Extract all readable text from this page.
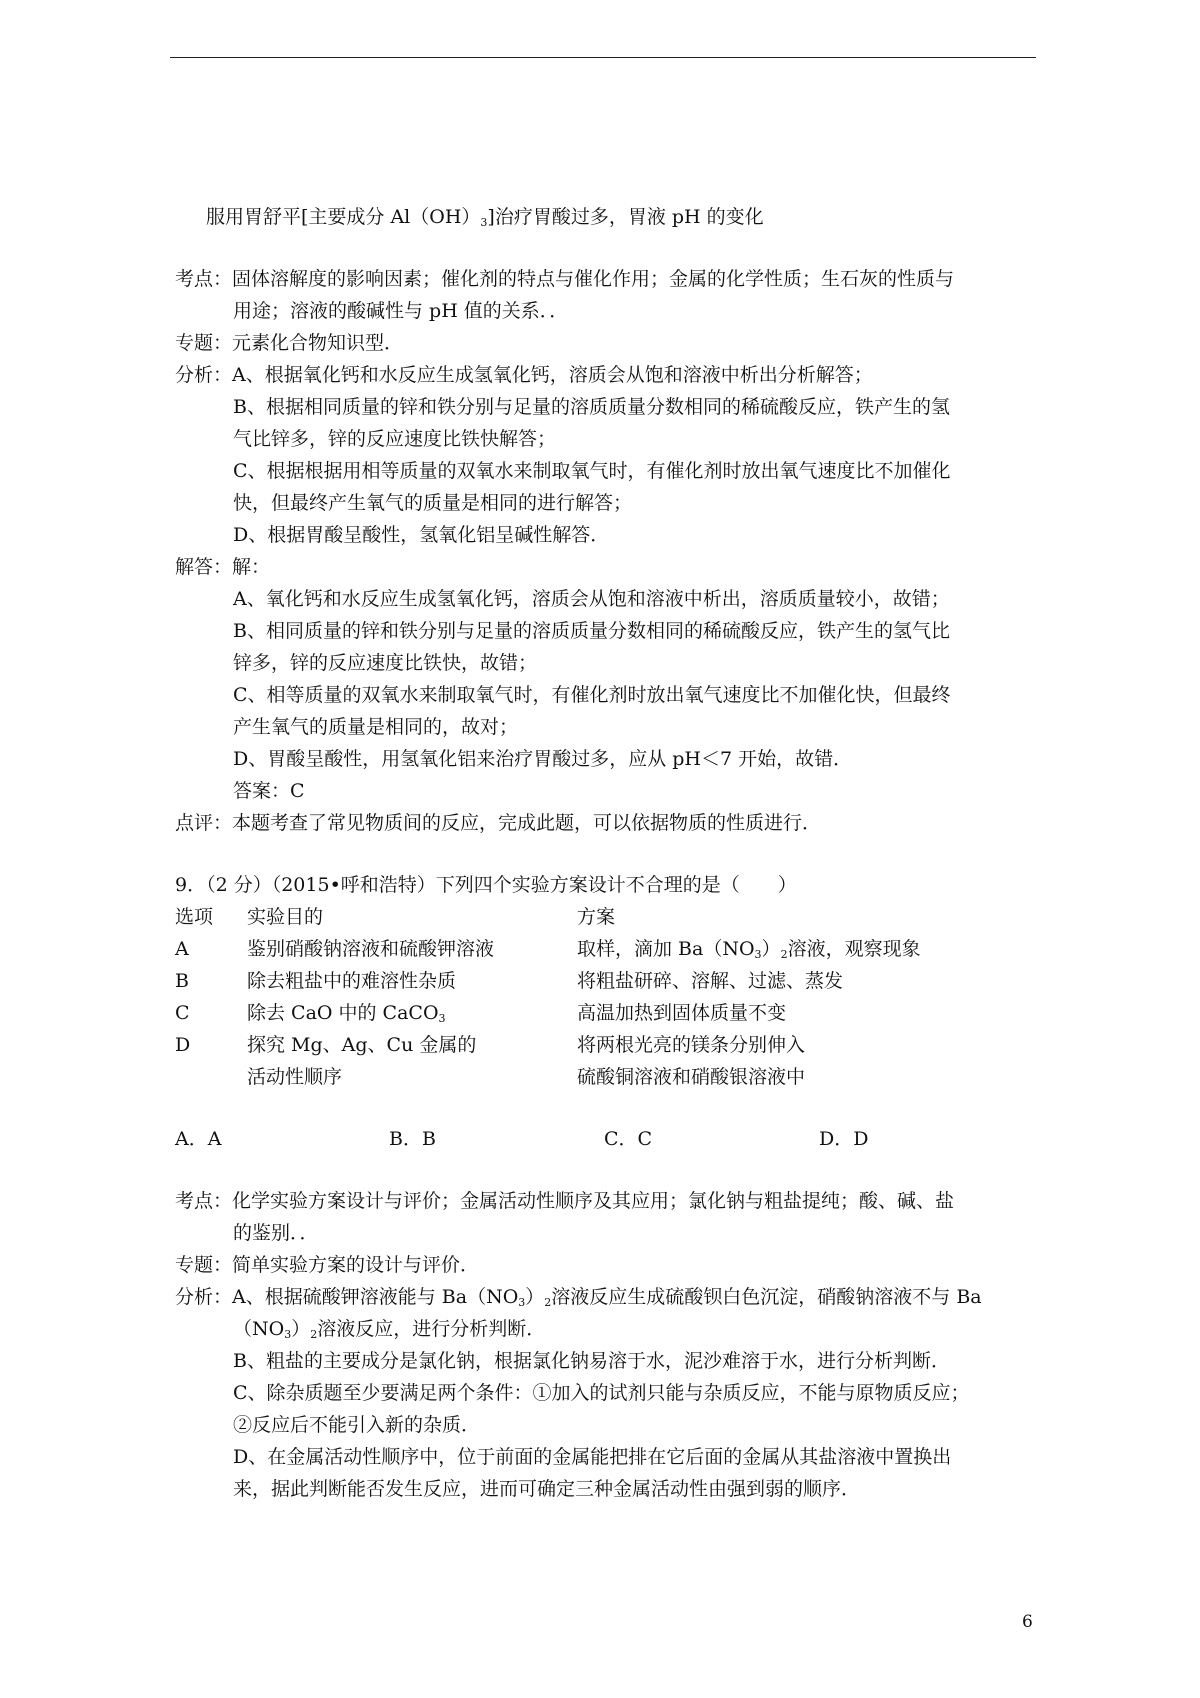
服用胃舒平[主要成分 $Al(OH)_3$]治疗胃酸过多，胃液 pH 的变化
考点：固体溶解度的影响因素；催化剂的特点与催化作用；金属的化学性质；生石灰的性质与
用途；溶液的酸碱性与 pH 值的关系．．
专题：元素化合物知识型．
分析：A、根据氧化钙和水反应生成氢氧化钙，溶质会从饱和溶液中析出分析解答；
B、根据相同质量的锌和铁分别与足量的溶质质量分数相同的稀硫酸反应，铁产生的氢
气比锌多，锌的反应速度比铁快解答；
C、根据根据用相等质量的双氧水来制取氧气时，有催化剂时放出氧气速度比不加催化
快，但最终产生氧气的质量是相同的进行解答；
D、根据胃酸呈酸性，氢氧化铝呈碱性解答．
解答：解：
A、氧化钙和水反应生成氢氧化钙，溶质会从饱和溶液中析出，溶质质量较小，故错；
B、相同质量的锌和铁分别与足量的溶质质量分数相同的稀硫酸反应，铁产生的氢气比
锌多，锌的反应速度比铁快，故错；
C、相等质量的双氧水来制取氧气时，有催化剂时放出氧气速度比不加催化快，但最终
产生氧气的质量是相同的，故对；
D、胃酸呈酸性，用氢氧化铝来治疗胃酸过多，应从 pH＜7 开始，故错．
答案：C
点评：本题考查了常见物质间的反应，完成此题，可以依据物质的性质进行．
9．（2 分）（2015•呼和浩特）下列四个实验方案设计不合理的是（　　）
选项 实验目的	方案
A	鉴别硝酸钠溶液和硫酸钾溶液	取样，滴加 $Ba(NO_3)_2$溶液，观察现象
B	除去粗盐中的难溶性杂质	将粗盐研碎、溶解、过滤、蒸发
C	除去 CaO 中的 CaCO$_3$	高温加热到固体质量不变
D	探究 Mg、Ag、Cu 金属的	将两根光亮的镁条分别伸入
活动性顺序	硫酸铜溶液和硝酸银溶液中
A．A	B．B	C．C	D．D
考点：化学实验方案设计与评价；金属活动性顺序及其应用；氯化钠与粗盐提纯；酸、碱、盐
的鉴别．．
专题：简单实验方案的设计与评价．
分析：A、根据硫酸钾溶液能与 $Ba(NO_3)_2$溶液反应生成硫酸钡白色沉淀，硝酸钠溶液不与 Ba
$(NO_3)_2$溶液反应，进行分析判断．
B、粗盐的主要成分是氯化钠，根据氯化钠易溶于水，泥沙难溶于水，进行分析判断．
C、除杂质题至少要满足两个条件：①加入的试剂只能与杂质反应，不能与原物质反应；
②反应后不能引入新的杂质．
D、在金属活动性顺序中，位于前面的金属能把排在它后面的金属从其盐溶液中置换出
来，据此判断能否发生反应，进而可确定三种金属活动性由强到弱的顺序．
6
